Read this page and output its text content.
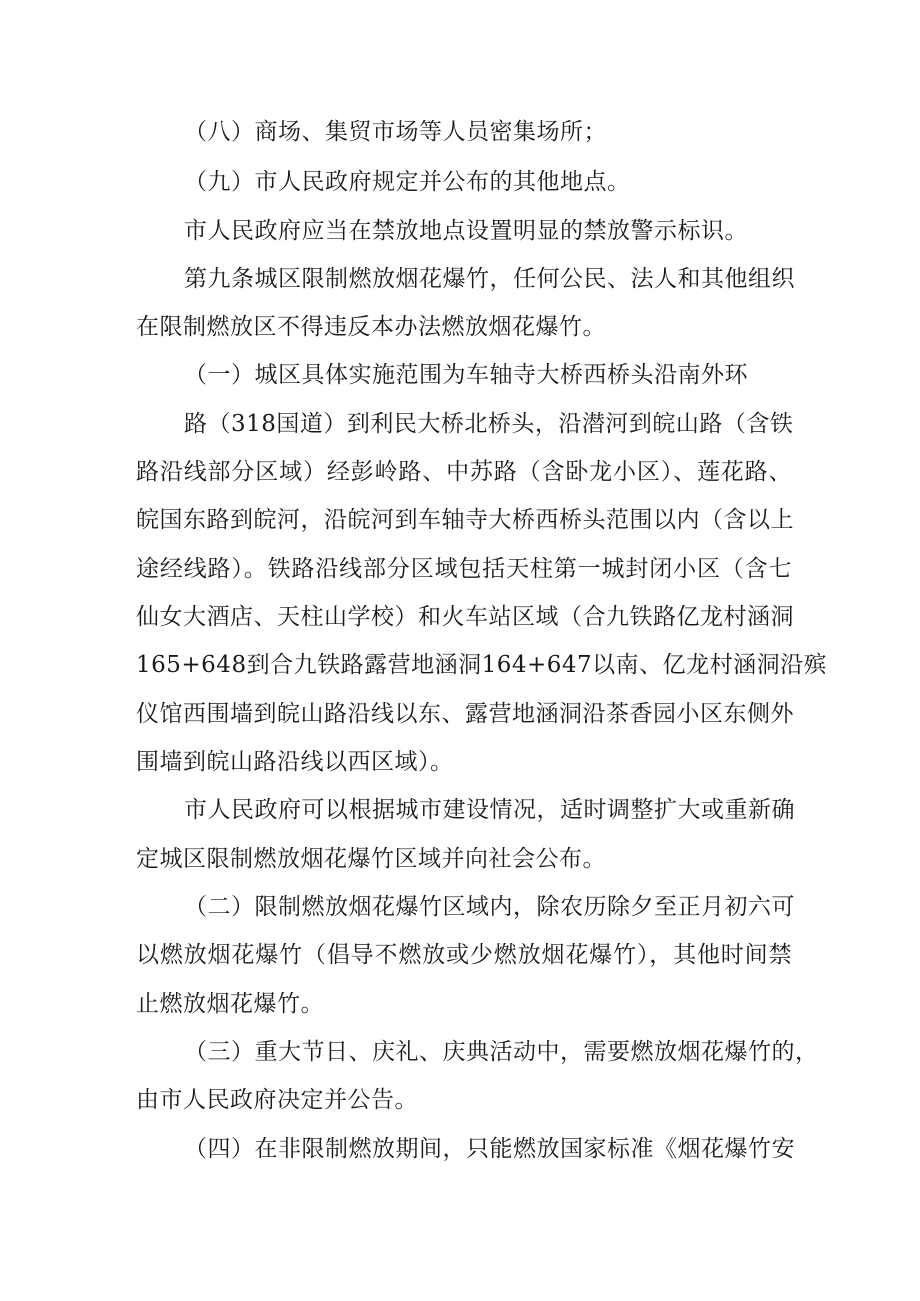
（八）商场、集贸市场等人员密集场所；
（九）市人民政府规定并公布的其他地点。
市人民政府应当在禁放地点设置明显的禁放警示标识。
第九条城区限制燃放烟花爆竹，任何公民、法人和其他组织
在限制燃放区不得违反本办法燃放烟花爆竹。
（一）城区具体实施范围为车轴寺大桥西桥头沿南外环
路（318国道）到利民大桥北桥头，沿潜河到皖山路（含铁
路沿线部分区域）经彭岭路、中苏路（含卧龙小区）、莲花路、
皖国东路到皖河，沿皖河到车轴寺大桥西桥头范围以内（含以上
途经线路）。铁路沿线部分区域包括天柱第一城封闭小区（含七
仙女大酒店、天柱山学校）和火车站区域（合九铁路亿龙村涵洞
165+648到合九铁路露营地涵洞164+647以南、亿龙村涵洞沿殡
仪馆西围墙到皖山路沿线以东、露营地涵洞沿茶香园小区东侧外
围墙到皖山路沿线以西区域）。
市人民政府可以根据城市建设情况，适时调整扩大或重新确
定城区限制燃放烟花爆竹区域并向社会公布。
（二）限制燃放烟花爆竹区域内，除农历除夕至正月初六可
以燃放烟花爆竹（倡导不燃放或少燃放烟花爆竹），其他时间禁
止燃放烟花爆竹。
（三）重大节日、庆礼、庆典活动中，需要燃放烟花爆竹的，
由市人民政府决定并公告。
（四）在非限制燃放期间，只能燃放国家标准《烟花爆竹安
